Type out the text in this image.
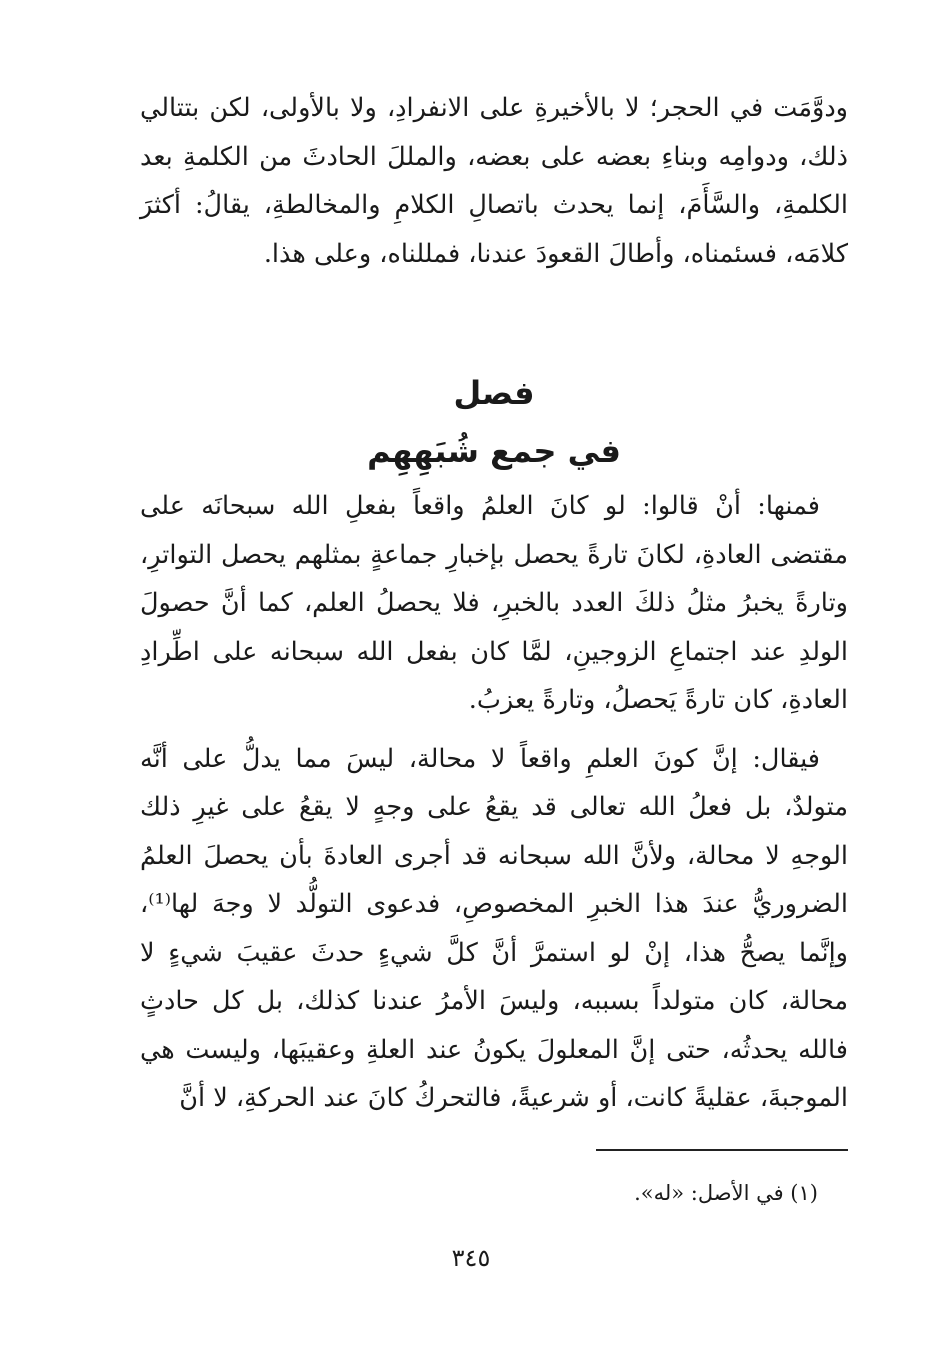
ودوَّمَت في الحجر؛ لا بالأخيرةِ على الانفرادِ، ولا بالأولى، لكن بتتالي ذلك، ودوامِه وبناءِ بعضه على بعضه، والمللَ الحادثَ من الكلمةِ بعد الكلمةِ، والسَّأَمَ، إنما يحدث باتصالِ الكلامِ والمخالطةِ، يقالُ: أكثرَ كلامَه، فسئمناه، وأطالَ القعودَ عندنا، فمللناه، وعلى هذا.

فصل

في جمع شُبَهِهِم

فمنها: أنْ قالوا: لو كانَ العلمُ واقعاً بفعلِ الله سبحانَه على مقتضى العادةِ، لكانَ تارةً يحصل بإخبارِ جماعةٍ بمثلهم يحصل التواترِ، وتارةً يخبرُ مثلُ ذلكَ العدد بالخبرِ، فلا يحصلُ العلم، كما أنَّ حصولَ الولدِ عند اجتماعِ الزوجينِ، لمَّا كان بفعل الله سبحانه على اطِّرادِ العادةِ، كان تارةً يَحصلُ، وتارةً يعزبُ.

فيقال: إنَّ كونَ العلمِ واقعاً لا محالة، ليسَ مما يدلُّ على أنَّه متولدٌ، بل فعلُ الله تعالى قد يقعُ على وجهٍ لا يقعُ على غيرِ ذلك الوجهِ لا محالة، ولأنَّ الله سبحانه قد أجرى العادةَ بأن يحصلَ العلمُ الضروريُّ عندَ هذا الخبرِ المخصوصِ، فدعوى التولُّد لا وجهَ لها⁽¹⁾، وإنَّما يصحُّ هذا، إنْ لو استمرَّ أنَّ كلَّ شيءٍ حدثَ عقيبَ شيءٍ لا محالة، كان متولداً بسببه، وليسَ الأمرُ عندنا كذلك، بل كل حادثٍ فالله يحدثُه، حتى إنَّ المعلولَ يكونُ عند العلةِ وعقيبَها، وليست هي الموجبةَ، عقليةً كانت، أو شرعيةً، فالتحركُ كانَ عند الحركةِ، لا أنَّ

(١) في الأصل: «له».
٣٤٥
